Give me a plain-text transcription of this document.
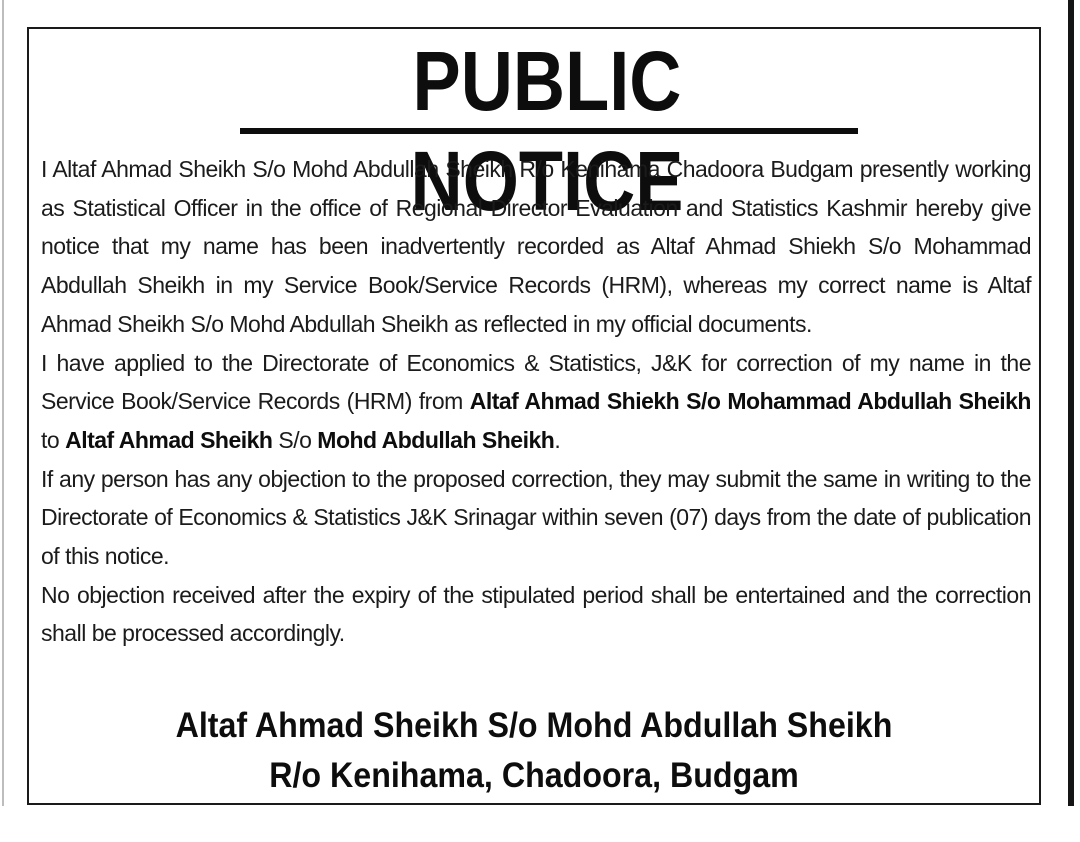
PUBLIC NOTICE

I Altaf Ahmad Sheikh S/o Mohd Abdullah Sheikh R/o Kenihama Chadoora Budgam presently working as Statistical Officer in the office of Regional Director Evaluation and Statistics Kashmir hereby give notice that my name has been inadvertently recorded as Altaf Ahmad Shiekh S/o Mohammad Abdullah Sheikh in my Service Book/Service Records (HRM), whereas my correct name is Altaf Ahmad Sheikh S/o Mohd Abdullah Sheikh as reflected in my official documents.

I have applied to the Directorate of Economics & Statistics, J&K for correction of my name in the Service Book/Service Records (HRM) from Altaf Ahmad Shiekh S/o Mohammad Abdullah Sheikh to Altaf Ahmad Sheikh S/o Mohd Abdullah Sheikh.

If any person has any objection to the proposed correction, they may submit the same in writing to the Directorate of Economics & Statistics J&K Srinagar within seven (07) days from the date of publication of this notice.

No objection received after the expiry of the stipulated period shall be entertained and the correction shall be processed accordingly.

Altaf Ahmad Sheikh S/o Mohd Abdullah Sheikh
R/o Kenihama, Chadoora, Budgam
